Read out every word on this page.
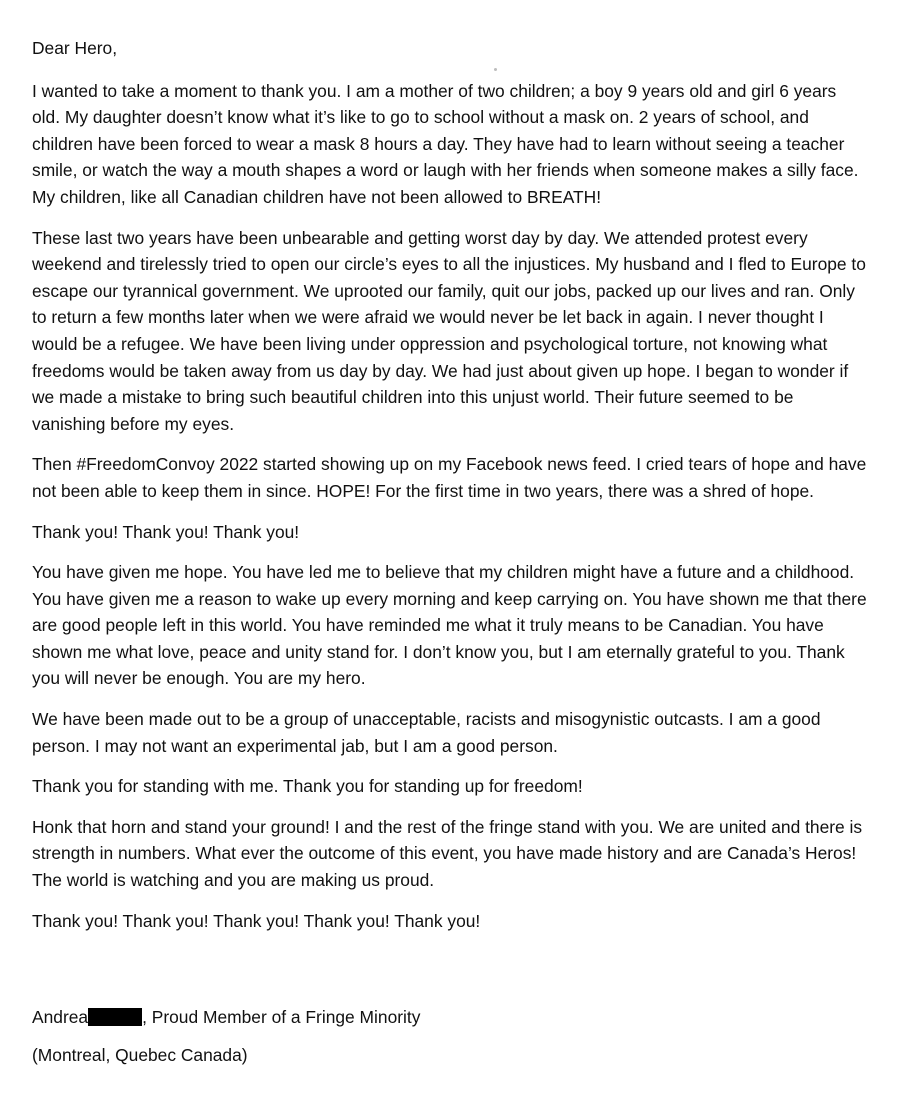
Dear Hero,

I wanted to take a moment to thank you. I am a mother of two children; a boy 9 years old and girl 6 years old. My daughter doesn’t know what it’s like to go to school without a mask on. 2 years of school, and children have been forced to wear a mask 8 hours a day. They have had to learn without seeing a teacher smile, or watch the way a mouth shapes a word or laugh with her friends when someone makes a silly face. My children, like all Canadian children have not been allowed to BREATH!

These last two years have been unbearable and getting worst day by day. We attended protest every weekend and tirelessly tried to open our circle’s eyes to all the injustices. My husband and I fled to Europe to escape our tyrannical government. We uprooted our family, quit our jobs, packed up our lives and ran. Only to return a few months later when we were afraid we would never be let back in again. I never thought I would be a refugee. We have been living under oppression and psychological torture, not knowing what freedoms would be taken away from us day by day. We had just about given up hope. I began to wonder if we made a mistake to bring such beautiful children into this unjust world. Their future seemed to be vanishing before my eyes.

Then #FreedomConvoy 2022 started showing up on my Facebook news feed. I cried tears of hope and have not been able to keep them in since. HOPE! For the first time in two years, there was a shred of hope.

Thank you! Thank you! Thank you!

You have given me hope. You have led me to believe that my children might have a future and a childhood. You have given me a reason to wake up every morning and keep carrying on. You have shown me that there are good people left in this world. You have reminded me what it truly means to be Canadian. You have shown me what love, peace and unity stand for. I don’t know you, but I am eternally grateful to you. Thank you will never be enough. You are my hero.

We have been made out to be a group of unacceptable, racists and misogynistic outcasts. I am a good person. I may not want an experimental jab, but I am a good person.

Thank you for standing with me. Thank you for standing up for freedom!

Honk that horn and stand your ground! I and the rest of the fringe stand with you. We are united and there is strength in numbers. What ever the outcome of this event, you have made history and are Canada’s Heros! The world is watching and you are making us proud.

Thank you! Thank you! Thank you! Thank you! Thank you!

Andrea	, Proud Member of a Fringe Minority

(Montreal, Quebec Canada)
